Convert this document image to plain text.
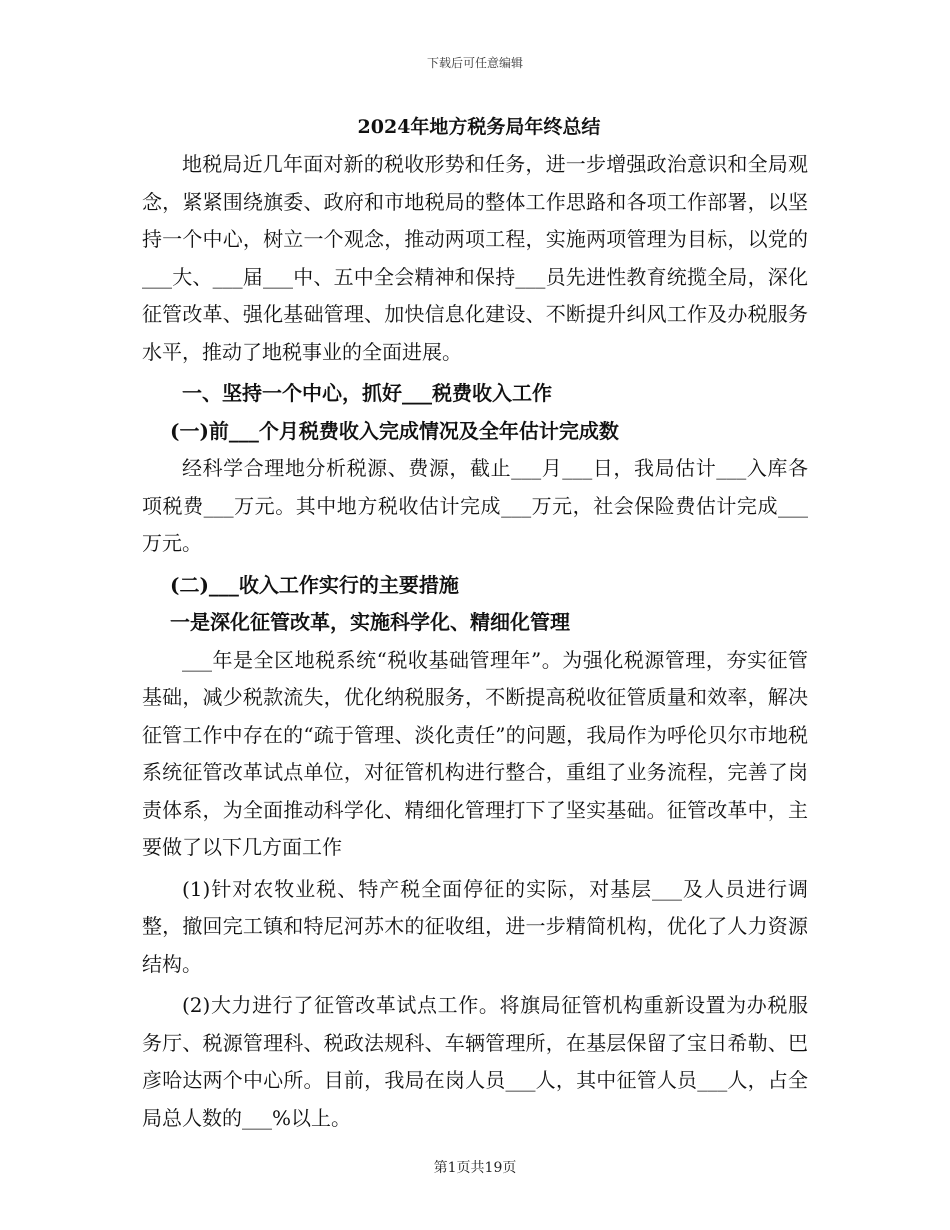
下载后可任意编辑
2024年地方税务局年终总结

地税局近几年面对新的税收形势和任务，进一步增强政治意识和全局观念，紧紧围绕旗委、政府和市地税局的整体工作思路和各项工作部署，以坚持一个中心，树立一个观念，推动两项工程，实施两项管理为目标，以党的___大、___届___中、五中全会精神和保持___员先进性教育统揽全局，深化征管改革、强化基础管理、加快信息化建设、不断提升纠风工作及办税服务水平，推动了地税事业的全面进展。

一、坚持一个中心，抓好___税费收入工作

(一)前___个月税费收入完成情况及全年估计完成数

经科学合理地分析税源、费源，截止___月___日，我局估计___入库各项税费___万元。其中地方税收估计完成___万元，社会保险费估计完成___万元。

(二)___收入工作实行的主要措施

一是深化征管改革，实施科学化、精细化管理

___年是全区地税系统“税收基础管理年”。为强化税源管理，夯实征管基础，减少税款流失，优化纳税服务，不断提高税收征管质量和效率，解决征管工作中存在的“疏于管理、淡化责任”的问题，我局作为呼伦贝尔市地税系统征管改革试点单位，对征管机构进行整合，重组了业务流程，完善了岗责体系，为全面推动科学化、精细化管理打下了坚实基础。征管改革中，主要做了以下几方面工作

(1)针对农牧业税、特产税全面停征的实际，对基层___及人员进行调整，撤回完工镇和特尼河苏木的征收组，进一步精简机构，优化了人力资源结构。

(2)大力进行了征管改革试点工作。将旗局征管机构重新设置为办税服务厅、税源管理科、税政法规科、车辆管理所，在基层保留了宝日希勒、巴彦哈达两个中心所。目前，我局在岗人员___人，其中征管人员___人，占全局总人数的___%以上。

第1页共19页
